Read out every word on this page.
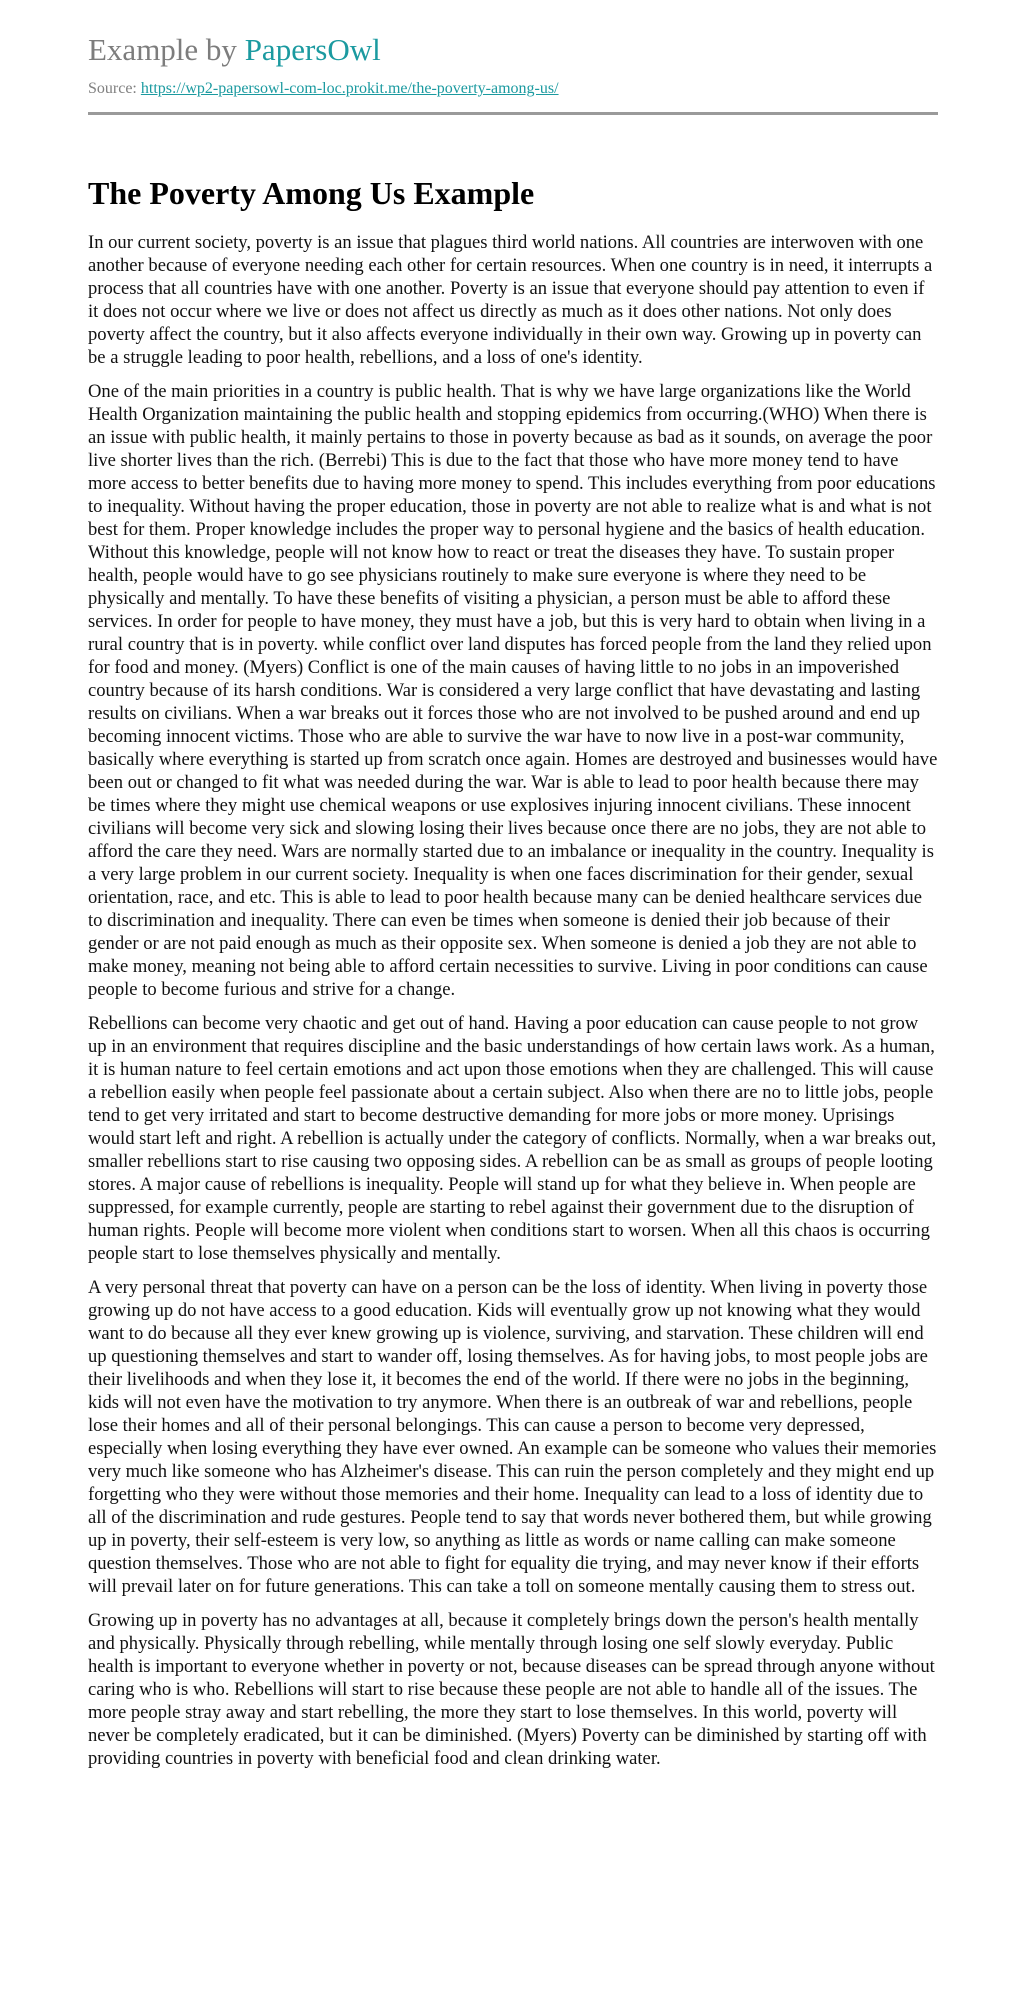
Example by PapersOwl
Source: https://wp2-papersowl-com-loc.prokit.me/the-poverty-among-us/
The Poverty Among Us Example

In our current society, poverty is an issue that plagues third world nations. All countries are interwoven with one another because of everyone needing each other for certain resources. When one country is in need, it interrupts a process that all countries have with one another. Poverty is an issue that everyone should pay attention to even if it does not occur where we live or does not affect us directly as much as it does other nations. Not only does poverty affect the country, but it also affects everyone individually in their own way. Growing up in poverty can be a struggle leading to poor health, rebellions, and a loss of one's identity.

One of the main priorities in a country is public health. That is why we have large organizations like the World Health Organization maintaining the public health and stopping epidemics from occurring.(WHO) When there is an issue with public health, it mainly pertains to those in poverty because as bad as it sounds, on average the poor live shorter lives than the rich. (Berrebi) This is due to the fact that those who have more money tend to have more access to better benefits due to having more money to spend. This includes everything from poor educations to inequality. Without having the proper education, those in poverty are not able to realize what is and what is not best for them. Proper knowledge includes the proper way to personal hygiene and the basics of health education. Without this knowledge, people will not know how to react or treat the diseases they have. To sustain proper health, people would have to go see physicians routinely to make sure everyone is where they need to be physically and mentally. To have these benefits of visiting a physician, a person must be able to afford these services. In order for people to have money, they must have a job, but this is very hard to obtain when living in a rural country that is in poverty. while conflict over land disputes has forced people from the land they relied upon for food and money. (Myers) Conflict is one of the main causes of having little to no jobs in an impoverished country because of its harsh conditions. War is considered a very large conflict that have devastating and lasting results on civilians. When a war breaks out it forces those who are not involved to be pushed around and end up becoming innocent victims. Those who are able to survive the war have to now live in a post-war community, basically where everything is started up from scratch once again. Homes are destroyed and businesses would have been out or changed to fit what was needed during the war. War is able to lead to poor health because there may be times where they might use chemical weapons or use explosives injuring innocent civilians. These innocent civilians will become very sick and slowing losing their lives because once there are no jobs, they are not able to afford the care they need. Wars are normally started due to an imbalance or inequality in the country. Inequality is a very large problem in our current society. Inequality is when one faces discrimination for their gender, sexual orientation, race, and etc. This is able to lead to poor health because many can be denied healthcare services due to discrimination and inequality. There can even be times when someone is denied their job because of their gender or are not paid enough as much as their opposite sex. When someone is denied a job they are not able to make money, meaning not being able to afford certain necessities to survive. Living in poor conditions can cause people to become furious and strive for a change.

Rebellions can become very chaotic and get out of hand. Having a poor education can cause people to not grow up in an environment that requires discipline and the basic understandings of how certain laws work. As a human, it is human nature to feel certain emotions and act upon those emotions when they are challenged. This will cause a rebellion easily when people feel passionate about a certain subject. Also when there are no to little jobs, people tend to get very irritated and start to become destructive demanding for more jobs or more money. Uprisings would start left and right. A rebellion is actually under the category of conflicts. Normally, when a war breaks out, smaller rebellions start to rise causing two opposing sides. A rebellion can be as small as groups of people looting stores. A major cause of rebellions is inequality. People will stand up for what they believe in. When people are suppressed, for example currently, people are starting to rebel against their government due to the disruption of human rights. People will become more violent when conditions start to worsen. When all this chaos is occurring people start to lose themselves physically and mentally.

A very personal threat that poverty can have on a person can be the loss of identity. When living in poverty those growing up do not have access to a good education. Kids will eventually grow up not knowing what they would want to do because all they ever knew growing up is violence, surviving, and starvation. These children will end up questioning themselves and start to wander off, losing themselves. As for having jobs, to most people jobs are their livelihoods and when they lose it, it becomes the end of the world. If there were no jobs in the beginning, kids will not even have the motivation to try anymore. When there is an outbreak of war and rebellions, people lose their homes and all of their personal belongings. This can cause a person to become very depressed, especially when losing everything they have ever owned. An example can be someone who values their memories very much like someone who has Alzheimer's disease. This can ruin the person completely and they might end up forgetting who they were without those memories and their home. Inequality can lead to a loss of identity due to all of the discrimination and rude gestures. People tend to say that words never bothered them, but while growing up in poverty, their self-esteem is very low, so anything as little as words or name calling can make someone question themselves. Those who are not able to fight for equality die trying, and may never know if their efforts will prevail later on for future generations. This can take a toll on someone mentally causing them to stress out.

Growing up in poverty has no advantages at all, because it completely brings down the person's health mentally and physically. Physically through rebelling, while mentally through losing one self slowly everyday. Public health is important to everyone whether in poverty or not, because diseases can be spread through anyone without caring who is who. Rebellions will start to rise because these people are not able to handle all of the issues. The more people stray away and start rebelling, the more they start to lose themselves. In this world, poverty will never be completely eradicated, but it can be diminished. (Myers) Poverty can be diminished by starting off with providing countries in poverty with beneficial food and clean drinking water.
